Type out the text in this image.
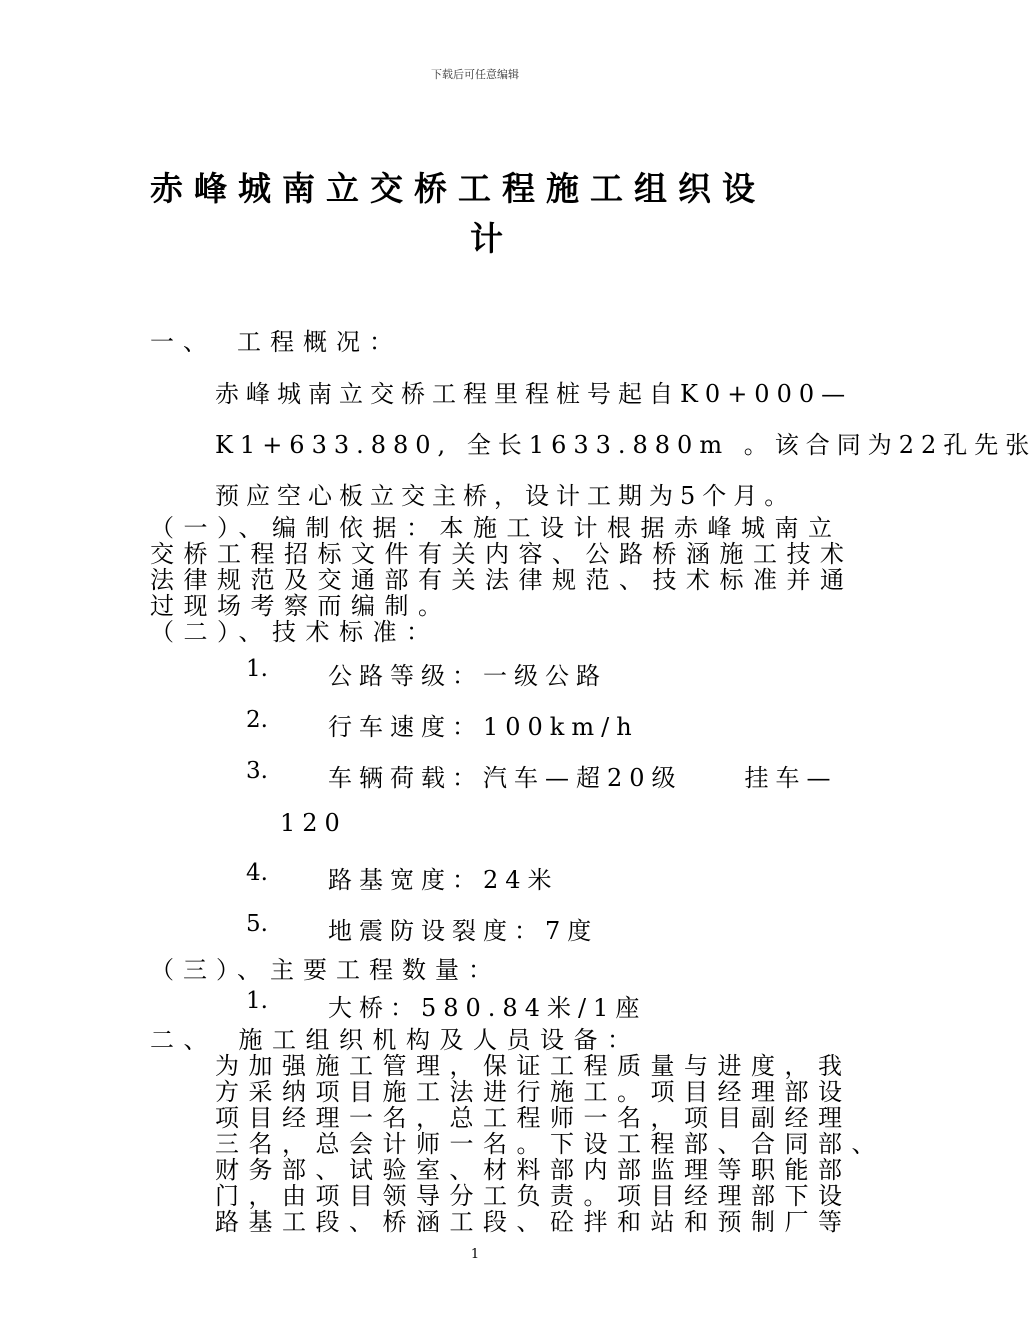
下载后可任意编辑
赤峰城南立交桥工程施工组织设
计
一、　工程概况：
赤峰城南立交桥工程里程桩号起自K0+000—
K1+633.880, 全长1633.880m 。该合同为22孔先张
预应空心板立交主桥，设计工期为5个月。
（一）、编制依据：本施工设计根据赤峰城南立
交桥工程招标文件有关内容、公路桥涵施工技术
法律规范及交通部有关法律规范、技术标准并通
过现场考察而编制。
（二）、技术标准：
1.	公路等级：一级公路
2.	行车速度：100km/h
3.	车辆荷载：汽车—超20级　　挂车—
120
4.	路基宽度：24米
5.	地震防设裂度：7度
（三）、主要工程数量：
1.	大桥：580.84米/1座
二、　施工组织机构及人员设备：
为加强施工管理，保证工程质量与进度，我
方采纳项目施工法进行施工。项目经理部设
项目经理一名，总工程师一名，项目副经理
三名，总会计师一名。下设工程部、合同部、
财务部、试验室、材料部内部监理等职能部
门，由项目领导分工负责。项目经理部下设
路基工段、桥涵工段、砼拌和站和预制厂等
1
